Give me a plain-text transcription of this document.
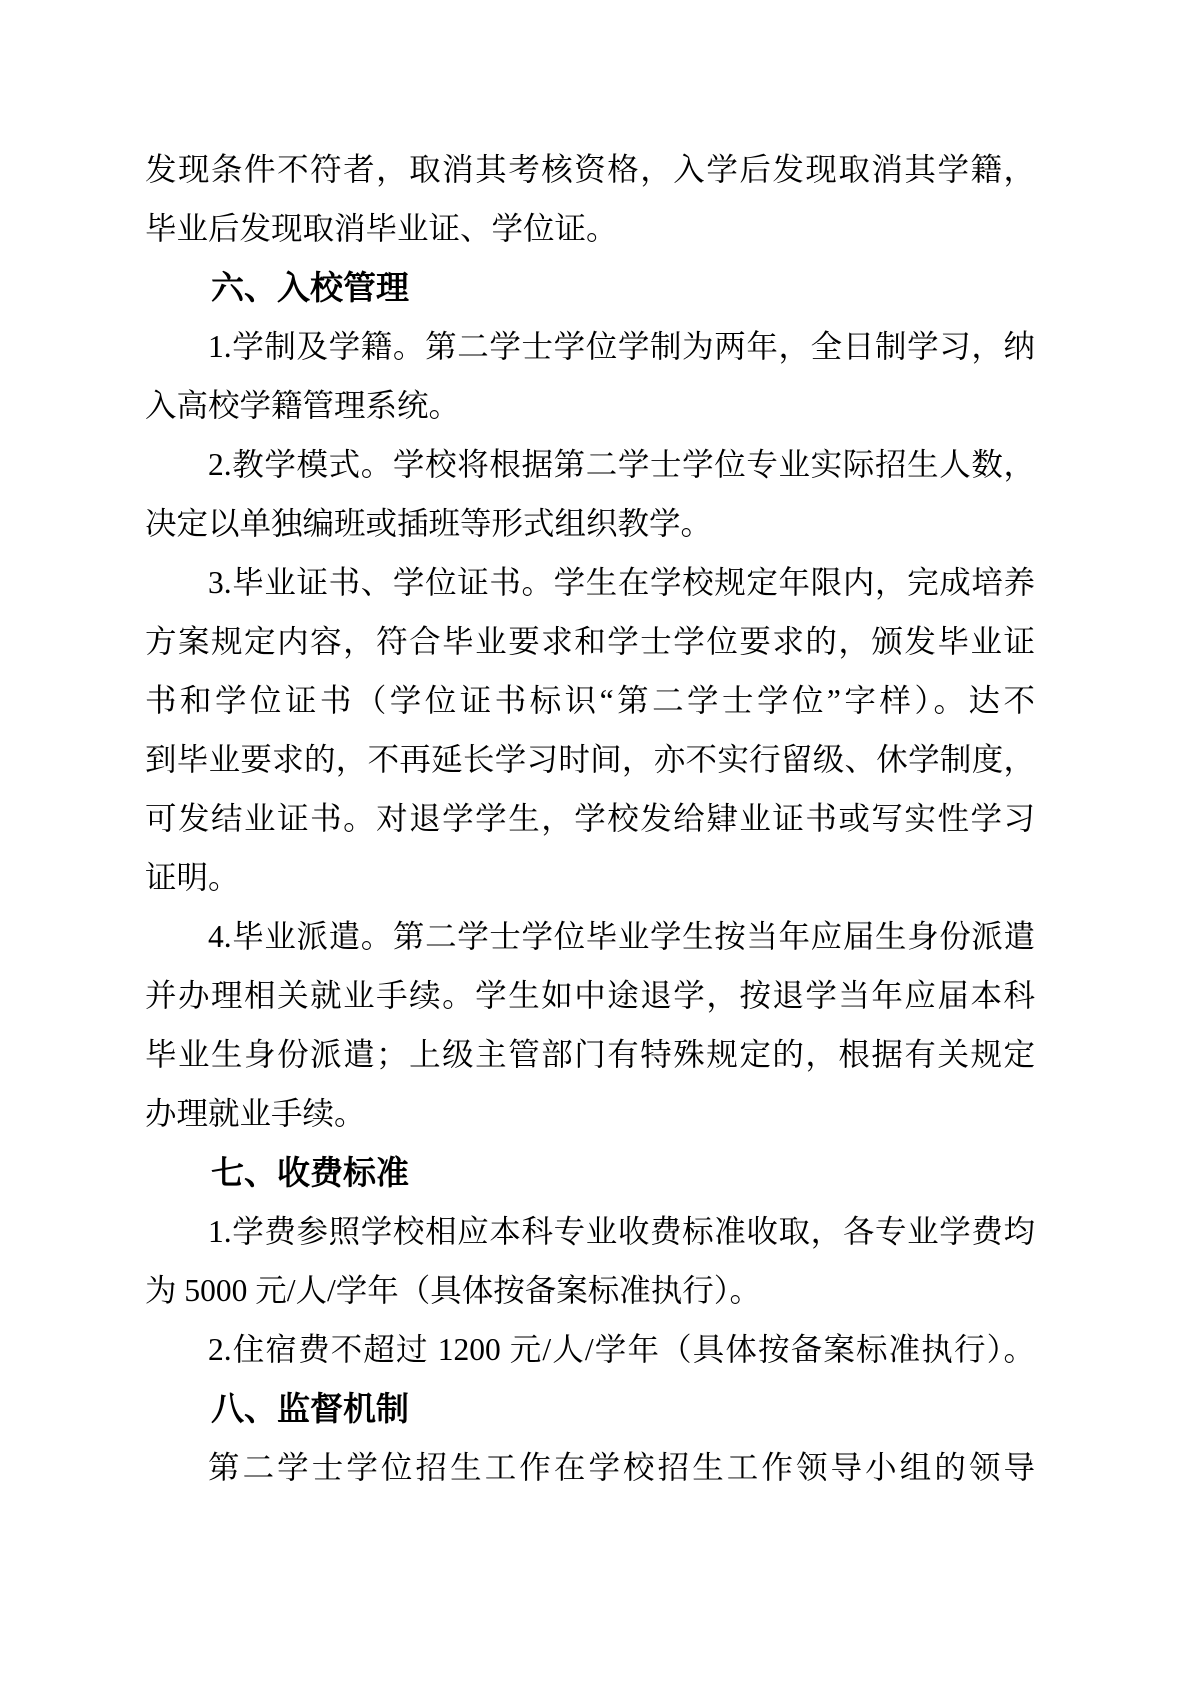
发现条件不符者，取消其考核资格，入学后发现取消其学籍，
毕业后发现取消毕业证、学位证。
六、入校管理
1.学制及学籍。第二学士学位学制为两年，全日制学习，纳
入高校学籍管理系统。
2.教学模式。学校将根据第二学士学位专业实际招生人数，
决定以单独编班或插班等形式组织教学。
3.毕业证书、学位证书。学生在学校规定年限内，完成培养
方案规定内容，符合毕业要求和学士学位要求的，颁发毕业证
书和学位证书（学位证书标识“第二学士学位”字样）。达不
到毕业要求的，不再延长学习时间，亦不实行留级、休学制度，
可发结业证书。对退学学生，学校发给肄业证书或写实性学习
证明。
4.毕业派遣。第二学士学位毕业学生按当年应届生身份派遣
并办理相关就业手续。学生如中途退学，按退学当年应届本科
毕业生身份派遣；上级主管部门有特殊规定的，根据有关规定
办理就业手续。
七、收费标准
1.学费参照学校相应本科专业收费标准收取，各专业学费均
为 5000 元/人/学年（具体按备案标准执行）。
2.住宿费不超过 1200 元/人/学年（具体按备案标准执行）。
八、监督机制
第二学士学位招生工作在学校招生工作领导小组的领导
